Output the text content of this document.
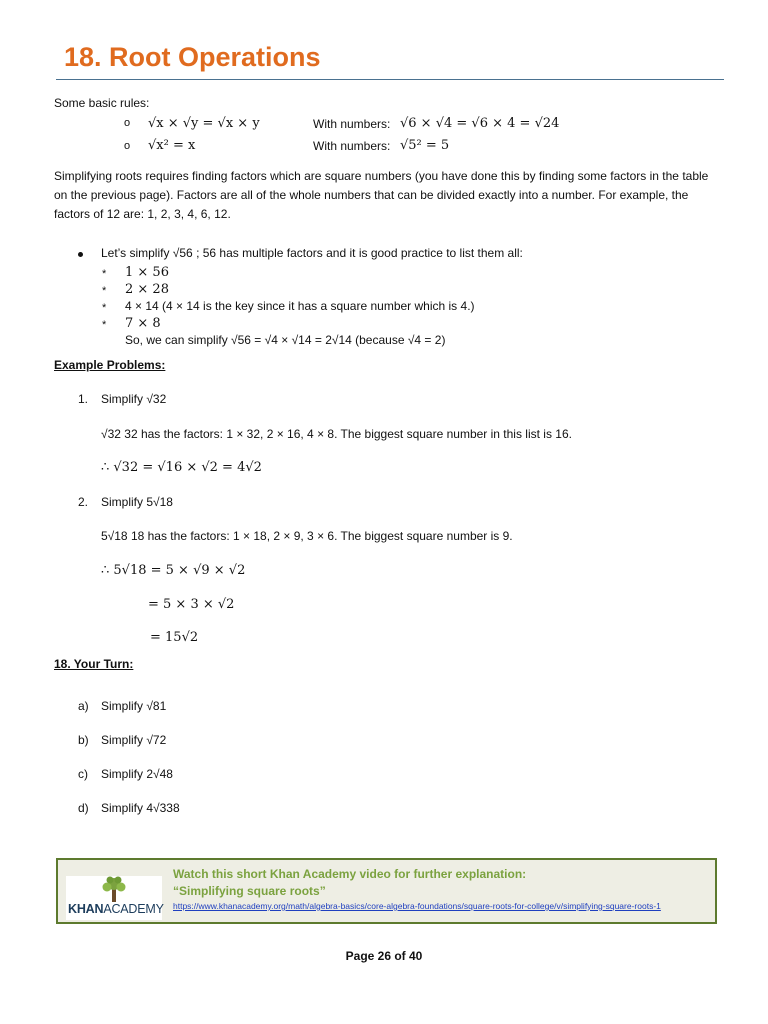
18. Root Operations
Some basic rules:
o √x × √y = √x × y	With numbers: √6 × √4 = √6 × 4 = √24
o √x² = x	With numbers: √5² = 5
Simplifying roots requires finding factors which are square numbers (you have done this by finding some factors in the table on the previous page). Factors are all of the whole numbers that can be divided exactly into a number. For example, the factors of 12 are: 1, 2, 3, 4, 6, 12.
Let’s simplify √56 ; 56 has multiple factors and it is good practice to list them all:
* 1 × 56
* 2 × 28
* 4 × 14 (4 × 14 is the key since it has a square number which is 4.)
* 7 × 8
So, we can simplify √56 = √4 × √14 = 2√14 (because √4 = 2)
Example Problems:
1. Simplify √32
√32 32 has the factors: 1 × 32, 2 × 16, 4 × 8. The biggest square number in this list is 16.
∴ √32 = √16 × √2 = 4√2
2. Simplify 5√18
5√18 18 has the factors: 1 × 18, 2 × 9, 3 × 6. The biggest square number is 9.
∴ 5√18 = 5 × √9 × √2
= 5 × 3 × √2
= 15√2
18. Your Turn:
a) Simplify √81
b) Simplify √72
c) Simplify 2√48
d) Simplify 4√338
KHANACADEMY
Watch this short Khan Academy video for further explanation:
“Simplifying square roots”
https://www.khanacademy.org/math/algebra-basics/core-algebra-foundations/square-roots-for-college/v/simplifying-square-roots-1
Page 26 of 40
